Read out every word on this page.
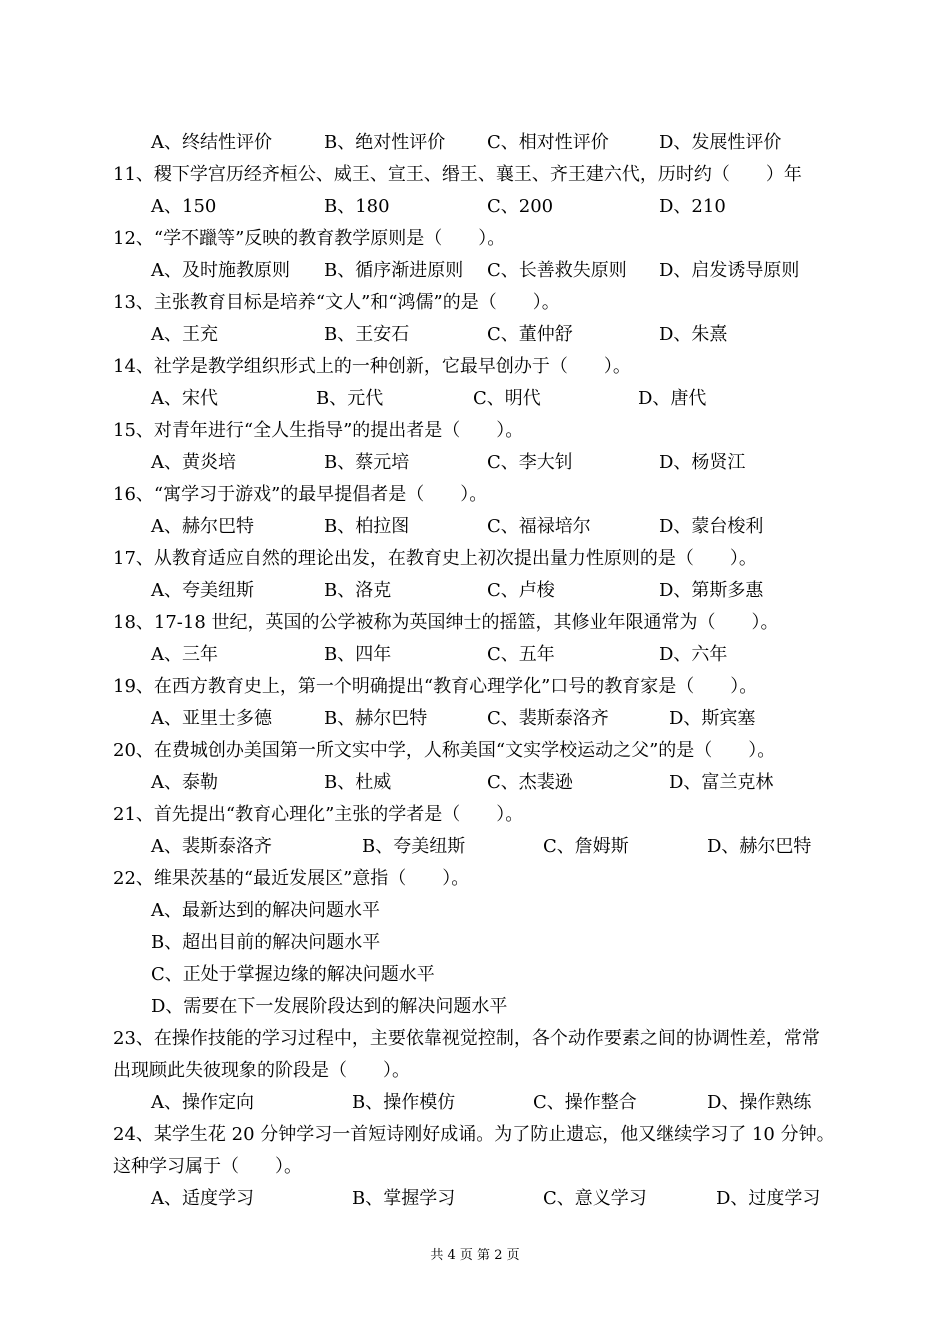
A、终结性评价	B、绝对性评价 C、相对性评价	D、发展性评价
11、稷下学宫历经齐桓公、威王、宣王、缗王、襄王、齐王建六代，历时约（　　）年
A、150	B、180	C、200	D、210
12、“学不躐等”反映的教育教学原则是（　　）。
A、及时施教原则 B、循序渐进原则 C、长善救失原则 D、启发诱导原则
13、主张教育目标是培养“文人”和“鸿儒”的是（　　）。
A、王充	B、王安石	C、董仲舒	D、朱熹
14、社学是教学组织形式上的一种创新，它最早创办于（　　）。
A、宋代	B、元代	C、明代	D、唐代
15、对青年进行“全人生指导”的提出者是（　　）。
A、黄炎培	B、蔡元培	C、李大钊	D、杨贤江
16、“寓学习于游戏”的最早提倡者是（　　）。
A、赫尔巴特	B、柏拉图	C、福禄培尔	D、蒙台梭利
17、从教育适应自然的理论出发，在教育史上初次提出量力性原则的是（　　）。
A、夸美纽斯	B、洛克	C、卢梭	D、第斯多惠
18、17-18 世纪，英国的公学被称为英国绅士的摇篮，其修业年限通常为（　　）。
A、三年	B、四年	C、五年	D、六年
19、在西方教育史上，第一个明确提出“教育心理学化”口号的教育家是（　　）。
A、亚里士多德	B、赫尔巴特	C、裴斯泰洛齐	D、斯宾塞
20、在费城创办美国第一所文实中学，人称美国“文实学校运动之父”的是（　　）。
A、泰勒	B、杜威	C、杰裴逊	D、富兰克林
21、首先提出“教育心理化”主张的学者是（　　）。
A、裴斯泰洛齐	B、夸美纽斯	C、詹姆斯	D、赫尔巴特
22、维果茨基的“最近发展区”意指（　　）。
A、最新达到的解决问题水平
B、超出目前的解决问题水平
C、正处于掌握边缘的解决问题水平
D、需要在下一发展阶段达到的解决问题水平
23、在操作技能的学习过程中，主要依靠视觉控制，各个动作要素之间的协调性差，常常
出现顾此失彼现象的阶段是（　　）。
A、操作定向	B、操作模仿	C、操作整合	D、操作熟练
24、某学生花 20 分钟学习一首短诗刚好成诵。为了防止遗忘，他又继续学习了 10 分钟。
这种学习属于（　　）。
A、适度学习	B、掌握学习	C、意义学习	D、过度学习
共 4 页 第 2 页
